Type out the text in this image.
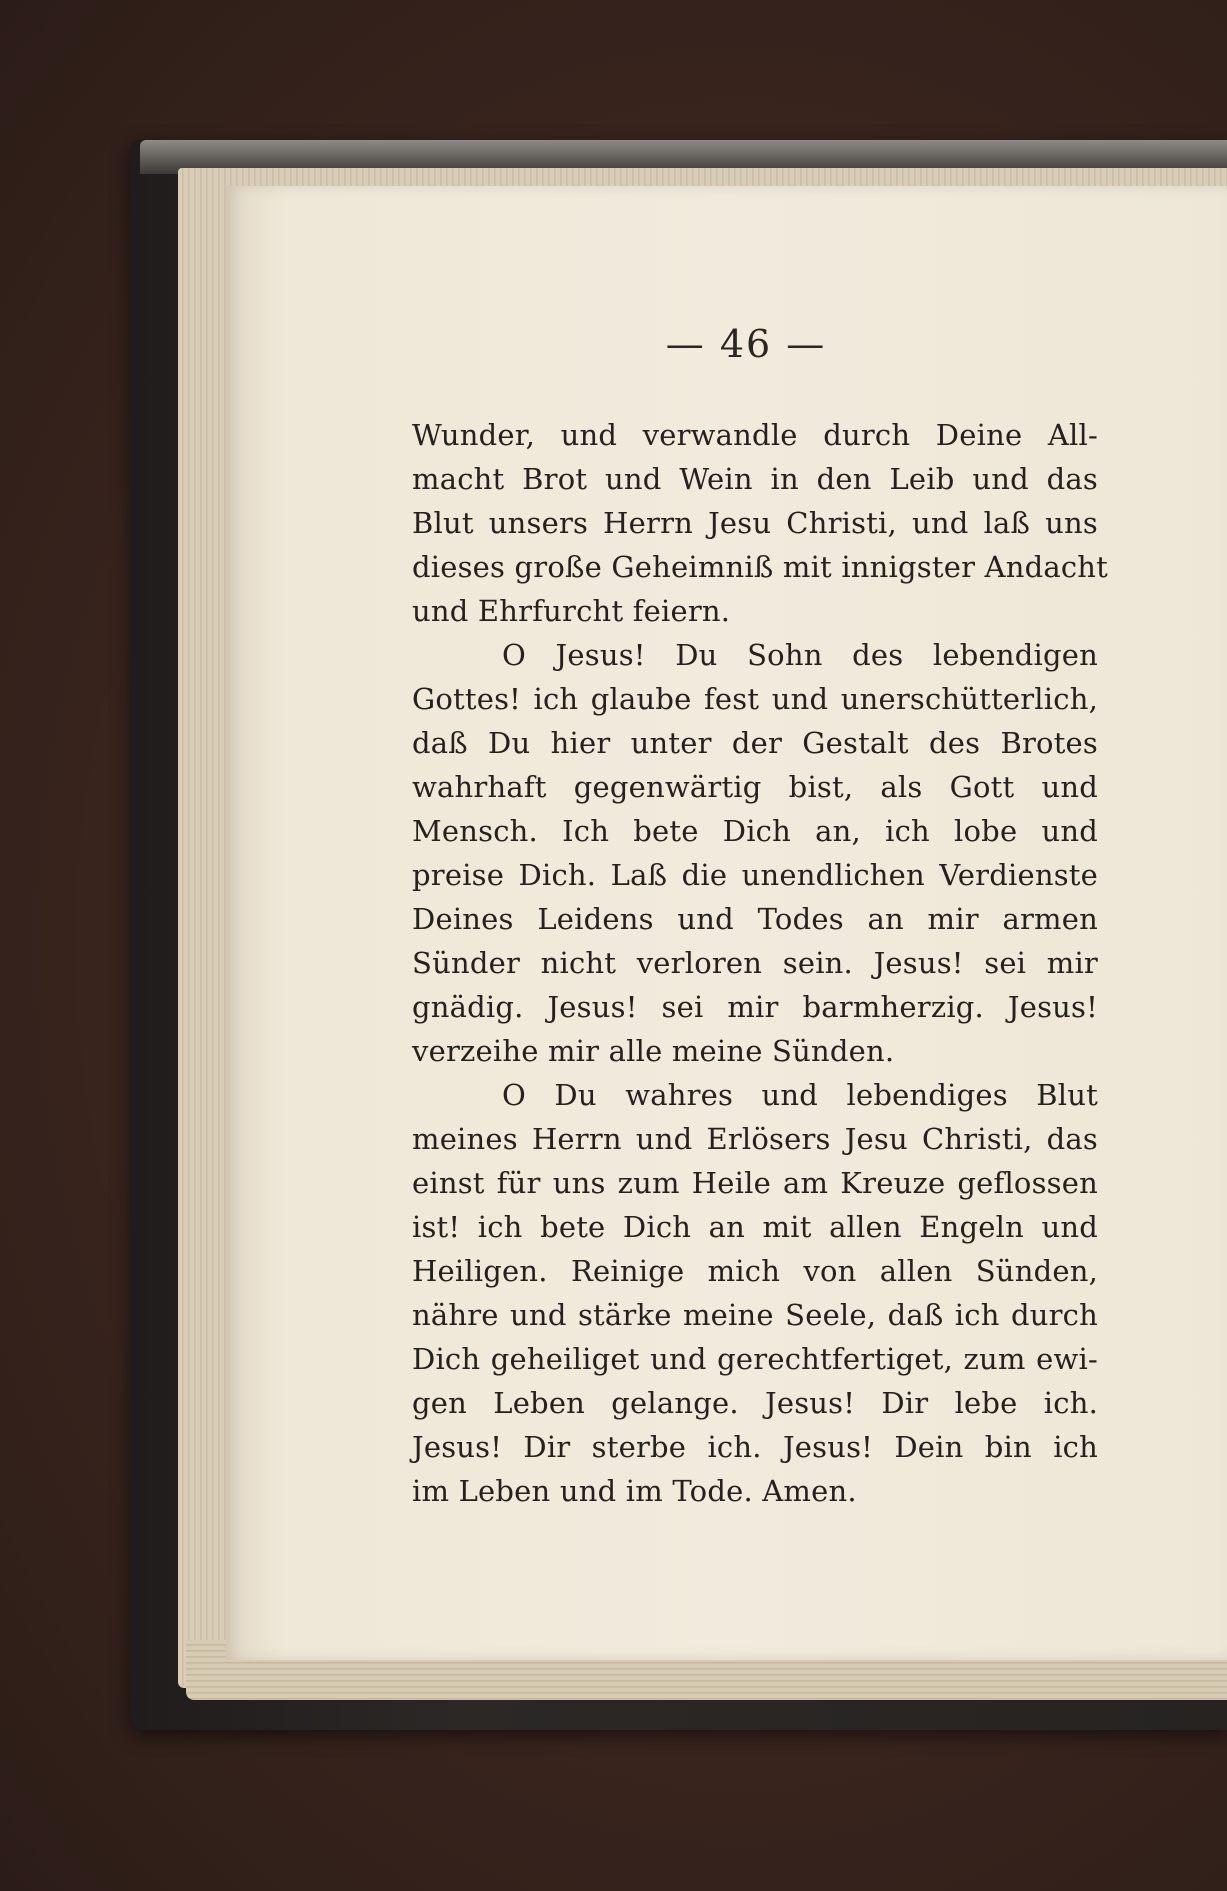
— 46 —
Wunder, und verwandle durch Deine All-
macht Brot und Wein in den Leib und das
Blut unsers Herrn Jesu Christi, und laß uns
dieses große Geheimniß mit innigster Andacht
und Ehrfurcht feiern.
O Jesus! Du Sohn des lebendigen
Gottes! ich glaube fest und unerschütterlich,
daß Du hier unter der Gestalt des Brotes
wahrhaft gegenwärtig bist, als Gott und
Mensch. Ich bete Dich an, ich lobe und
preise Dich. Laß die unendlichen Verdienste
Deines Leidens und Todes an mir armen
Sünder nicht verloren sein. Jesus! sei mir
gnädig. Jesus! sei mir barmherzig. Jesus!
verzeihe mir alle meine Sünden.
O Du wahres und lebendiges Blut
meines Herrn und Erlösers Jesu Christi, das
einst für uns zum Heile am Kreuze geflossen
ist! ich bete Dich an mit allen Engeln und
Heiligen. Reinige mich von allen Sünden,
nähre und stärke meine Seele, daß ich durch
Dich geheiliget und gerechtfertiget, zum ewi-
gen Leben gelange. Jesus! Dir lebe ich.
Jesus! Dir sterbe ich. Jesus! Dein bin ich
im Leben und im Tode. Amen.
